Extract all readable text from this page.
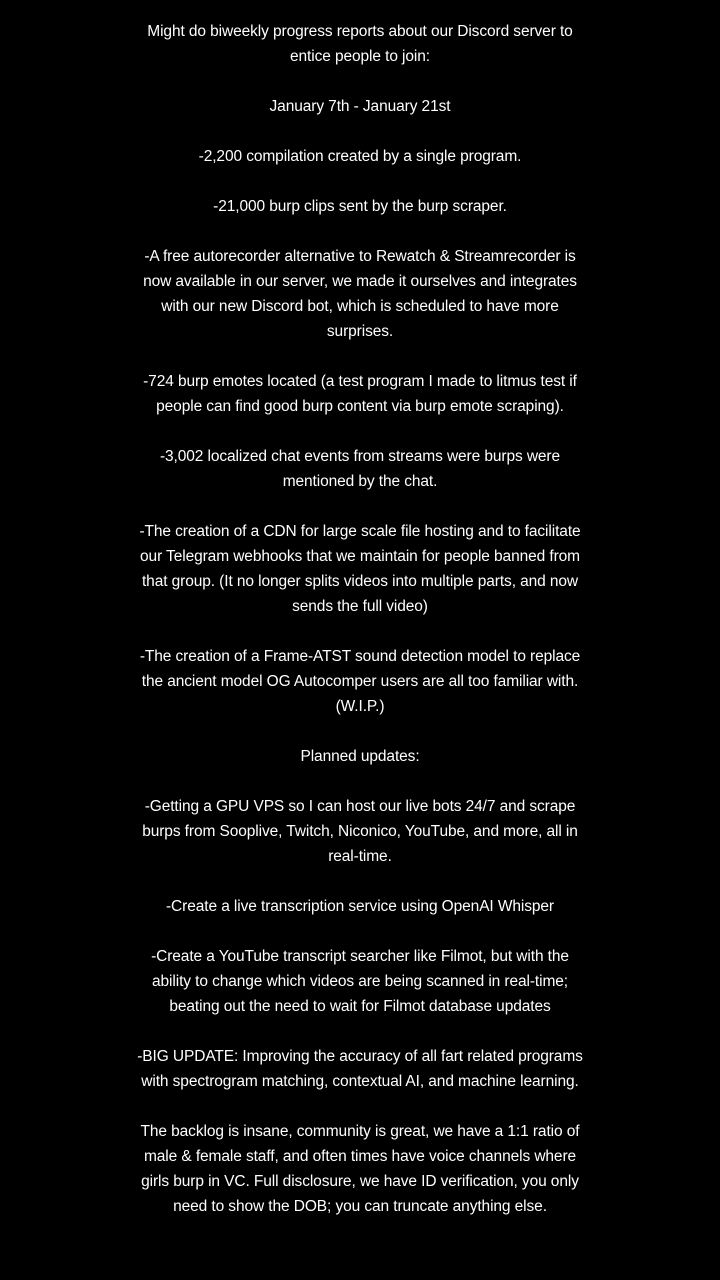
Might do biweekly progress reports about our Discord server to entice people to join:

January 7th - January 21st

-2,200 compilation created by a single program.

-21,000 burp clips sent by the burp scraper.

-A free autorecorder alternative to Rewatch & Streamrecorder is now available in our server, we made it ourselves and integrates with our new Discord bot, which is scheduled to have more surprises.

-724 burp emotes located (a test program I made to litmus test if people can find good burp content via burp emote scraping).

-3,002 localized chat events from streams were burps were mentioned by the chat.

-The creation of a CDN for large scale file hosting and to facilitate our Telegram webhooks that we maintain for people banned from that group. (It no longer splits videos into multiple parts, and now sends the full video)

-The creation of a Frame-ATST sound detection model to replace the ancient model OG Autocomper users are all too familiar with. (W.I.P.)

Planned updates:

-Getting a GPU VPS so I can host our live bots 24/7 and scrape burps from Sooplive, Twitch, Niconico, YouTube, and more, all in real-time.

-Create a live transcription service using OpenAI Whisper

-Create a YouTube transcript searcher like Filmot, but with the ability to change which videos are being scanned in real-time; beating out the need to wait for Filmot database updates

-BIG UPDATE: Improving the accuracy of all fart related programs with spectrogram matching, contextual AI, and machine learning.

The backlog is insane, community is great, we have a 1:1 ratio of male & female staff, and often times have voice channels where girls burp in VC. Full disclosure, we have ID verification, you only need to show the DOB; you can truncate anything else.
